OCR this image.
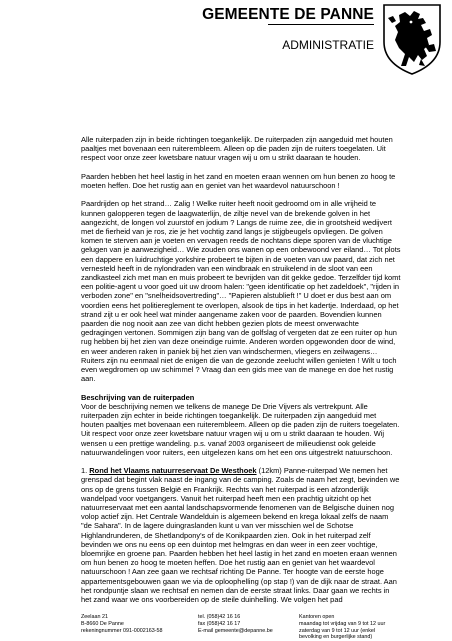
GEMEENTE DE PANNE
ADMINISTRATIE

Alle ruiterpaden zijn in beide richtingen toegankelijk. De ruiterpaden zijn aangeduid met houten paaltjes met bovenaan een ruiterembleem. Alleen op die paden zijn de ruiters toegelaten. Uit respect voor onze zeer kwetsbare natuur vragen wij u om u strikt daaraan te houden.

Paarden hebben het heel lastig in het zand en moeten eraan wennen om hun benen zo hoog te moeten heffen. Doe het rustig aan en geniet van het waardevol natuurschoon !

Paardrijden op het strand… Zalig ! Welke ruiter heeft nooit gedroomd om in alle vrijheid te kunnen galopperen tegen de laagwaterlijn, de ziltje nevel van de brekende golven in het aangezicht, de longen vol zuurstof en jodium ? Langs de ruime zee, die in grootsheid wedijvert met de fierheid van je ros, zie je het vochtig zand langs je stijgbeugels opvliegen. De golven komen te sterven aan je voeten en vervagen reeds de nochtans diepe sporen van de vluchtige gelugen van je aanwezigheid… Wie zouden ons wanen op een onbewoond ver eiland… Tot plots een dappere en luidruchtige yorkshire probeert te bijten in de voeten van uw paard, dat zich net vernesteld heeft in de nylondraden van een windbraak en struikelend in de sloot van een zandkasteel zich met man en muis probeert te bevrijden van dit gekke gedoe. Terzelfder tijd komt een politie-agent u voor goed uit uw droom halen: "geen identificatie op het zadeldoek", "rijden in verboden zone" en "snelheidsovertreding"… "Papieren alstublieft !" U doet er dus best aan om voordien eens het politiereglement te overlopen, alsook de tips in het kadertje. Inderdaad, op het strand zijt u er ook heel wat minder aangename zaken voor de paarden. Bovendien kunnen paarden die nog nooit aan zee van dicht hebben gezien plots de meest onverwachte gedragingen vertonen. Sommigen zijn bang van de golfslag of vergeten dat ze een ruiter op hun rug hebben bij het zien van deze oneindige ruimte. Anderen worden opgewonden door de wind, en weer anderen raken in paniek bij het zien van windschermen, vliegers en zeilwagens… Ruiters zijn nu eenmaal niet de enigen die van de gezonde zeelucht willen genieten ! Wilt u toch even wegdromen op uw schimmel ? Vraag dan een gids mee van de manege en doe het rustig aan.

Beschrijving van de ruiterpaden

Voor de beschrijving nemen we telkens de manege De Drie Vijvers als vertrekpunt. Alle ruiterpaden zijn echter in beide richtingen toegankelijk. De ruiterpaden zijn aangeduid met houten paaltjes met bovenaan een ruiterembleem. Alleen op die paden zijn de ruiters toegelaten. Uit respect voor onze zeer kwetsbare natuur vragen wij u om u strikt daaraan te houden. Wij wensen u een prettige wandeling. p.s. vanaf 2003 organiseert de milieudienst ook geleide natuurwandelingen voor ruiters, een uitgelezen kans om het een ons uitgestrekt natuurschoon.

1. Rond het Vlaams natuurreservaat De Westhoek (12km) Panne-ruiterpad We nemen het

grenspad dat begint vlak naast de ingang van de camping. Zoals de naam het zegt, bevinden we ons op de grens tussen België en Frankrijk. Rechts van het ruiterpad is een afzonderlijk wandelpad voor voetgangers. Vanuit het ruiterpad heeft men een prachtig uitzicht op het natuurreservaat met een aantal landschapsvormende fenomenen van de Belgische duinen nog volop actief zijn. Het Centrale Wandelduin is algemeen bekend en krega lokaal zelfs de naam "de Sahara". In de lagere duingraslanden kunt u van ver misschien wel de Schotse Highlandrunderen, de Shetlandpony's of de Konikpaarden zien. Ook in het ruiterpad zelf bevinden we ons nu eens op een duintop met helmgras en dan weer in een zeer vochtige, bloemrijke en groene pan. Paarden hebben het heel lastig in het zand en moeten eraan wennen om hun benen zo hoog te moeten heffen. Doe het rustig aan en geniet van het waardevol natuurschoon ! Aan zee gaan we rechtsaf richting De Panne. Ter hoogte van de eerste hoge appartementsgebouwen gaan we via de oploophelling (op stap !) van de dijk naar de straat. Aan het rondpuntje slaan we rechtsaf en nemen dan de eerste straat links. Daar gaan we rechts in het zand waar we ons voorbereiden op de steile duinhelling. We volgen het pad

Zeelaan 21
B-8660 De Panne
rekeningnummer 091-0002163-58
tel. (058)42 16 16
fax (058)42 16 17
E-mail gemeente@depanne.be
Kantoren open
maandag tot vrijdag van 9 tot 12 uur
zaterdag van 9 tot 12 uur (enkel
bevolking en burgerlijke stand)
